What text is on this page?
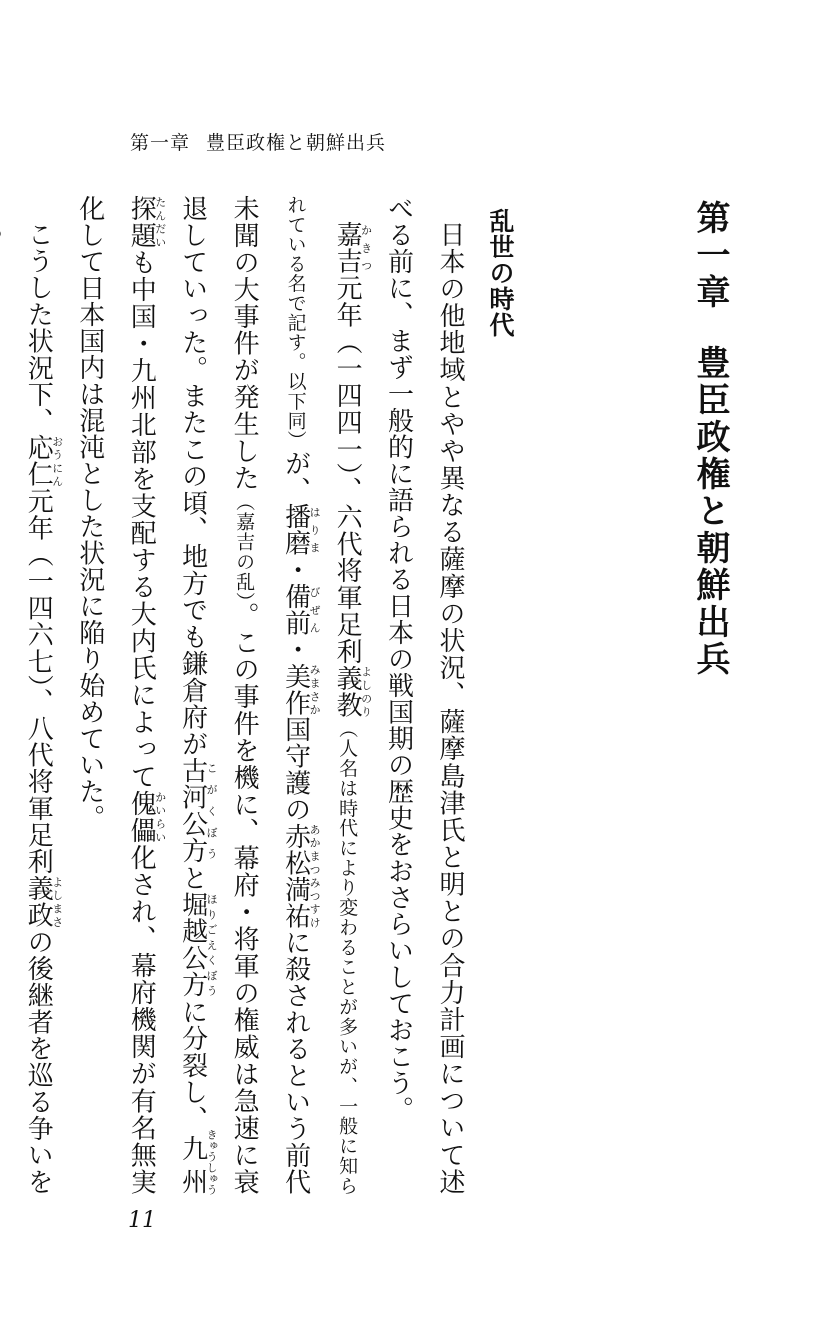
第一章 豊臣政権と朝鮮出兵
第一章豊臣政権と朝鮮出兵
乱世の時代

日本の他地域とやや異なる薩摩の状況、薩摩島津氏と明との合力計画について述べる前に、まず一般的に語られる日本の戦国期の歴史をおさらいしておこう。

嘉吉かきつ元年（一四四一）、六代将軍足利義教よしのり（人名は時代により変わることが多いが、一般に知られている名で記す。以下同）が、播磨はりま・備前びぜん・美作みまさか国守護の赤松満祐あかまつみつすけに殺されるという前代未聞の大事件が発生した（嘉吉の乱）。この事件を機に、幕府・将軍の権威は急速に衰退していった。またこの頃、地方でも鎌倉府が古河公方こがくぼうと堀越公方ほりごえくぼうに分裂し、九州探題きゅうしゅうたんだいも中国・九州北部を支配する大内氏によって傀儡かいらい化され、幕府機関が有名無実化して日本国内は混沌とした状況に陥り始めていた。

こうした状況下、応仁おうにん元年（一四六七）、八代将軍足利義政よしまさの後継者を巡る争いを

11
